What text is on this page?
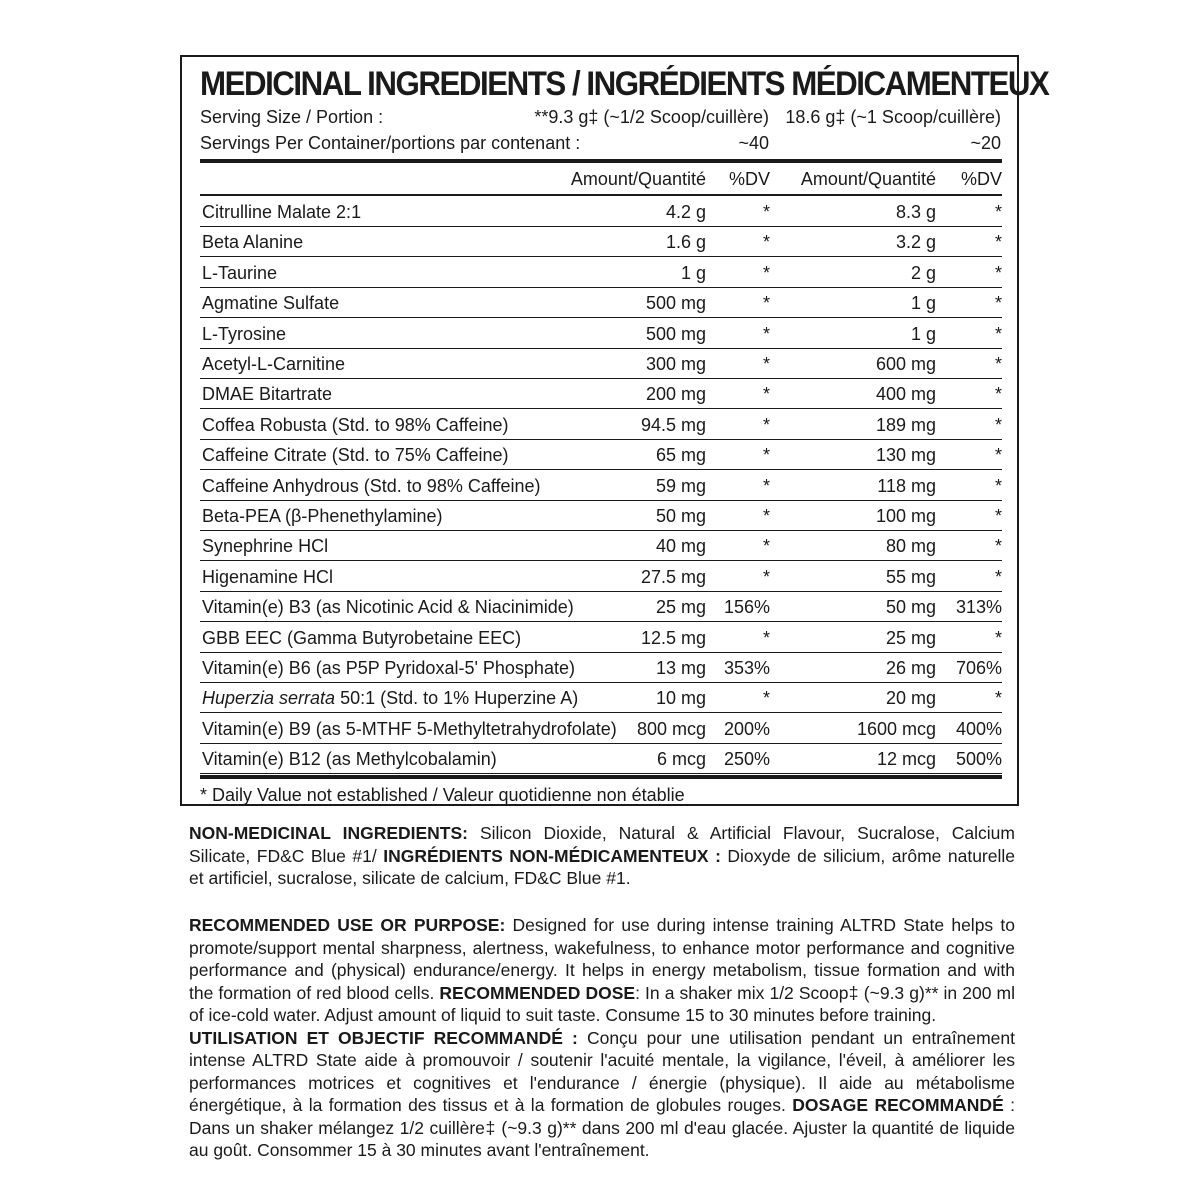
MEDICINAL INGREDIENTS / INGRÉDIENTS MÉDICAMENTEUX
Serving Size / Portion :	**9.3 g‡ (~1/2 Scoop/cuillère) 18.6 g‡ (~1 Scoop/cuillère)
Servings Per Container/portions par contenant :	~40	~20
Amount/Quantité %DV Amount/Quantité %DV
Citrulline Malate 2:1	4.2 g	*	8.3 g	*
Beta Alanine	1.6 g	*	3.2 g	*
L-Taurine	1 g	*	2 g	*
Agmatine Sulfate	500 mg	*	1 g	*
L-Tyrosine	500 mg	*	1 g	*
Acetyl-L-Carnitine	300 mg	*	600 mg	*
DMAE Bitartrate	200 mg	*	400 mg	*
Coffea Robusta (Std. to 98% Caffeine)	94.5 mg	*	189 mg	*
Caffeine Citrate (Std. to 75% Caffeine)	65 mg	*	130 mg	*
Caffeine Anhydrous (Std. to 98% Caffeine)	59 mg	*	118 mg	*
Beta-PEA (β-Phenethylamine)	50 mg	*	100 mg	*
Synephrine HCl	40 mg	*	80 mg	*
Higenamine HCl	27.5 mg	*	55 mg	*
Vitamin(e) B3 (as Nicotinic Acid & Niacinimide)	25 mg 156%	50 mg 313%
GBB EEC (Gamma Butyrobetaine EEC)	12.5 mg	*	25 mg	*
Vitamin(e) B6 (as P5P Pyridoxal-5' Phosphate)	13 mg 353%	26 mg 706%
Huperzia serrata 50:1 (Std. to 1% Huperzine A)	10 mg	*	20 mg	*
Vitamin(e) B9 (as 5-MTHF 5-Methyltetrahydrofolate) 800 mcg 200%	1600 mcg 400%
Vitamin(e) B12 (as Methylcobalamin)	6 mcg 250%	12 mcg 500%
* Daily Value not established / Valeur quotidienne non établie
NON-MEDICINAL INGREDIENTS: Silicon Dioxide, Natural & Artificial Flavour, Sucralose, Calcium Silicate, FD&C Blue #1/ INGRÉDIENTS NON-MÉDICAMENTEUX : Dioxyde de silicium, arôme naturelle et artificiel, sucralose, silicate de calcium, FD&C Blue #1.
RECOMMENDED USE OR PURPOSE: Designed for use during intense training ALTRD State helps to promote/support mental sharpness, alertness, wakefulness, to enhance motor performance and cognitive performance and (physical) endurance/energy. It helps in energy metabolism, tissue formation and with the formation of red blood cells. RECOMMENDED DOSE: In a shaker mix 1/2 Scoop‡ (~9.3 g)** in 200 ml of ice-cold water. Adjust amount of liquid to suit taste. Consume 15 to 30 minutes before training.
UTILISATION ET OBJECTIF RECOMMANDÉ : Conçu pour une utilisation pendant un entraînement intense ALTRD State aide à promouvoir / soutenir l'acuité mentale, la vigilance, l'éveil, à améliorer les performances motrices et cognitives et l'endurance / énergie (physique). Il aide au métabolisme énergétique, à la formation des tissus et à la formation de globules rouges. DOSAGE RECOMMANDÉ : Dans un shaker mélangez 1/2 cuillère‡ (~9.3 g)** dans 200 ml d'eau glacée. Ajuster la quantité de liquide au goût. Consommer 15 à 30 minutes avant l'entraînement.
